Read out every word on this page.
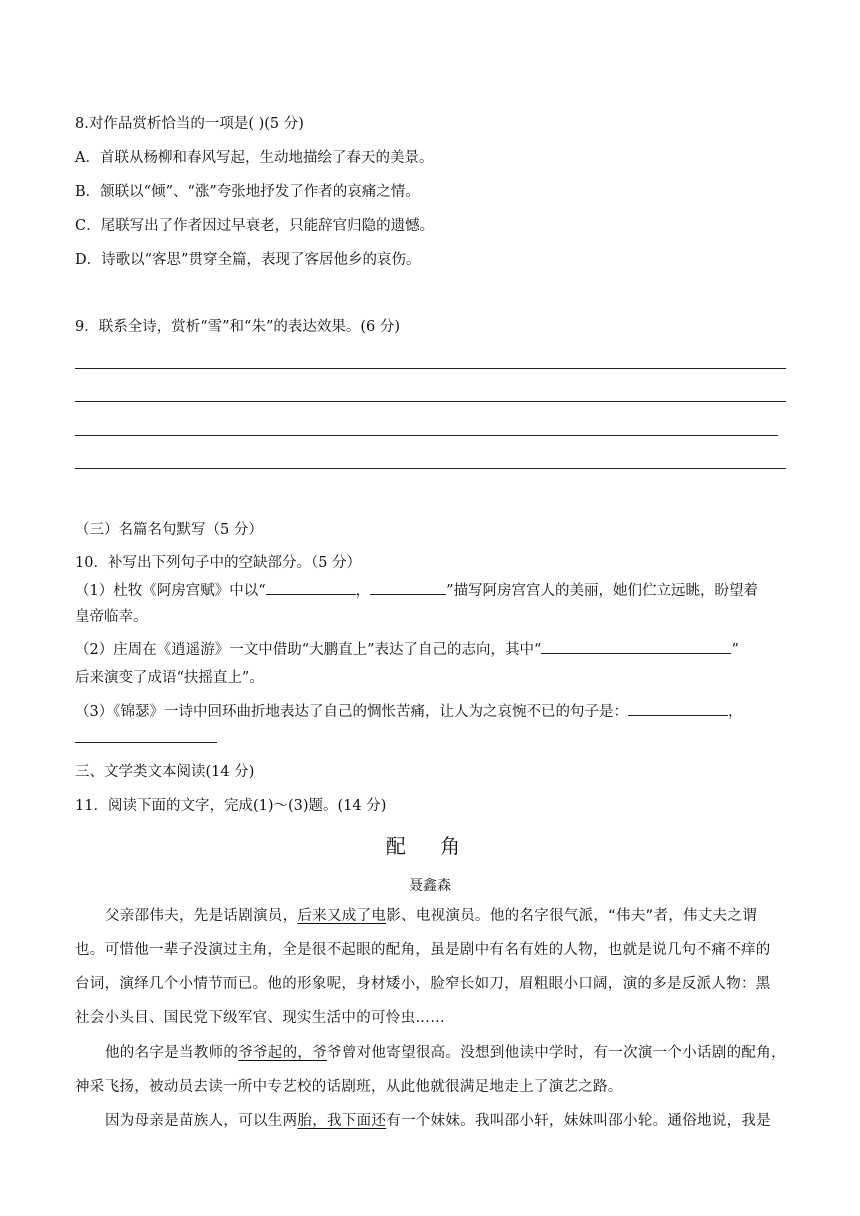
8.对作品赏析恰当的一项是( )(5 分)
A．首联从杨柳和春风写起，生动地描绘了春天的美景。
B．颔联以“倾”、“涨”夸张地抒发了作者的哀痛之情。
C．尾联写出了作者因过早衰老，只能辞官归隐的遗憾。
D．诗歌以“客思”贯穿全篇，表现了客居他乡的哀伤。
9．联系全诗，赏析“雪”和“朱”的表达效果。(6 分)
（三）名篇名句默写（5 分）
10．补写出下列句子中的空缺部分。（5 分）
（1）杜牧《阿房宫赋》中以“	，	”描写阿房宫宫人的美丽，她们伫立远眺，盼望着
皇帝临幸。
（2）庄周在《逍遥游》一文中借助“大鹏直上”表达了自己的志向，其中“	”
后来演变了成语“扶摇直上”。
（3）《锦瑟》一诗中回环曲折地表达了自己的惆怅苦痛，让人为之哀惋不已的句子是：	，
三、文学类文本阅读(14 分)
11．阅读下面的文字，完成(1)～(3)题。(14 分)
配 角
聂鑫森
父亲邵伟夫，先是话剧演员，后来又成了电影、电视演员。他的名字很气派，“伟夫”者，伟丈夫之谓
也。可惜他一辈子没演过主角，全是很不起眼的配角，虽是剧中有名有姓的人物，也就是说几句不痛不痒的
台词，演绎几个小情节而已。他的形象呢，身材矮小，脸窄长如刀，眉粗眼小口阔，演的多是反派人物：黑
社会小头目、国民党下级军官、现实生活中的可怜虫……
他的名字是当教师的爷爷起的，爷爷曾对他寄望很高。没想到他读中学时，有一次演一个小话剧的配角，
神采飞扬，被动员去读一所中专艺校的话剧班，从此他就很满足地走上了演艺之路。
因为母亲是苗族人，可以生两胎，我下面还有一个妹妹。我叫邵小轩，妹妹叫邵小轮。通俗地说，我是
